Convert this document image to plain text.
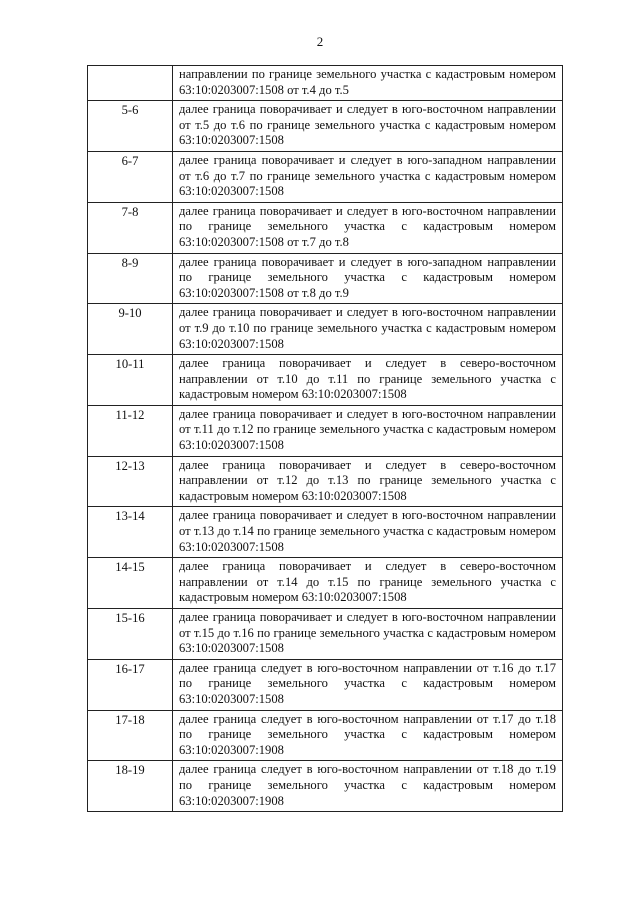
2
	направлении по границе земельного участка с кадастровым номером 63:10:0203007:1508 от т.4 до т.5
5-6	далее граница поворачивает и следует в юго-восточном направлении от т.5 до т.6 по границе земельного участка с кадастровым номером 63:10:0203007:1508
6-7	далее граница поворачивает и следует в юго-западном направлении от т.6 до т.7 по границе земельного участка с кадастровым номером 63:10:0203007:1508
7-8	далее граница поворачивает и следует в юго-восточном направлении по границе земельного участка с кадастровым номером 63:10:0203007:1508 от т.7 до т.8
8-9	далее граница поворачивает и следует в юго-западном направлении по границе земельного участка с кадастровым номером 63:10:0203007:1508 от т.8 до т.9
9-10	далее граница поворачивает и следует в юго-восточном направлении от т.9 до т.10 по границе земельного участка с кадастровым номером 63:10:0203007:1508
10-11	далее граница поворачивает и следует в северо-восточном направлении от т.10 до т.11 по границе земельного участка с кадастровым номером 63:10:0203007:1508
11-12	далее граница поворачивает и следует в юго-восточном направлении от т.11 до т.12 по границе земельного участка с кадастровым номером 63:10:0203007:1508
12-13	далее граница поворачивает и следует в северо-восточном направлении от т.12 до т.13 по границе земельного участка с кадастровым номером 63:10:0203007:1508
13-14	далее граница поворачивает и следует в юго-восточном направлении от т.13 до т.14 по границе земельного участка с кадастровым номером 63:10:0203007:1508
14-15	далее граница поворачивает и следует в северо-восточном направлении от т.14 до т.15 по границе земельного участка с кадастровым номером 63:10:0203007:1508
15-16	далее граница поворачивает и следует в юго-восточном направлении от т.15 до т.16 по границе земельного участка с кадастровым номером 63:10:0203007:1508
16-17	далее граница следует в юго-восточном направлении от т.16 до т.17 по границе земельного участка с кадастровым номером 63:10:0203007:1508
17-18	далее граница следует в юго-восточном направлении от т.17 до т.18 по границе земельного участка с кадастровым номером 63:10:0203007:1908
18-19	далее граница следует в юго-восточном направлении от т.18 до т.19 по границе земельного участка с кадастровым номером 63:10:0203007:1908
